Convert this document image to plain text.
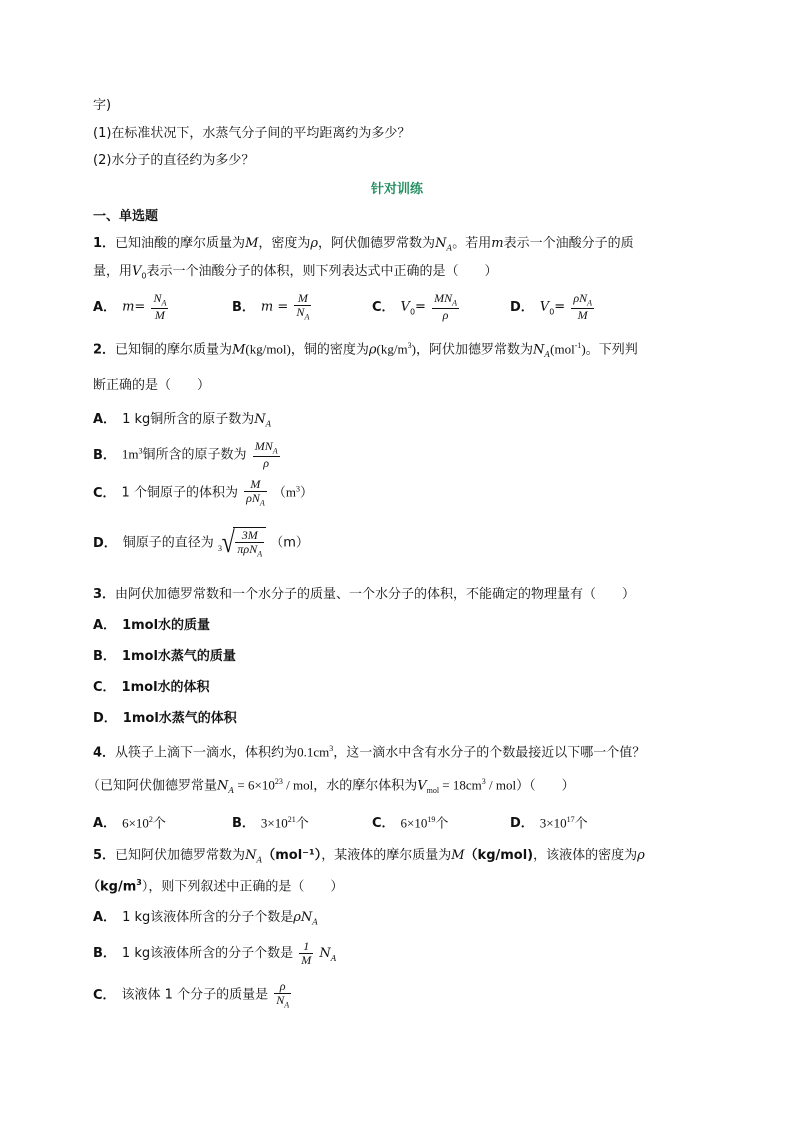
字)
(1)在标准状况下，水蒸气分子间的平均距离约为多少？
(2)水分子的直径约为多少？
针对训练
一、单选题
1．已知油酸的摩尔质量为M，密度为ρ，阿伏伽德罗常数为$N_A$。若用m表示一个油酸分子的质
量，用$V_0$表示一个油酸分子的体积，则下列表达式中正确的是（　　）
A． $m= \frac{N_A}{M}$	B． $m = \frac{M}{N_A}$	C． $V_0= \frac{MN_A}{\rho}$	D． $V_0= \frac{\rho N_A}{M}$
2．已知铜的摩尔质量为M(kg/mol)，铜的密度为$\rho(kg/m^3)$，阿伏加德罗常数为$N_A(mol^{-1})$。下列判
断正确的是（　　）
A． 1 kg铜所含的原子数为$N_A$
B． $1m^3$铜所含的原子数为 $\frac{MN_A}{\rho}$
C． 1 个铜原子的体积为 $\frac{M}{\rho N_A} (m^3)$
D． 铜原子的直径为 3 √ $\frac{3M}{\pi\rho N_A} (m)$
3．由阿伏加德罗常数和一个水分子的质量、一个水分子的体积，不能确定的物理量有（　　）
A． 1mol水的质量
B． 1mol水蒸气的质量
C． 1mol水的体积
D． 1mol水蒸气的体积
4．从筷子上滴下一滴水，体积约为$0.1cm^3$，这一滴水中含有水分子的个数最接近以下哪一个值？
（已知阿伏伽德罗常量$N_A = 6\times 10^{23}$ / mol，水的摩尔体积为$V_{mol} = 18cm^3 / mol$）（　　）
A． $6\times 10^2$个	B． $3\times 10^{21}$个	C． $6\times 10^{19}$个	D． $3\times 10^{17}$个
5．已知阿伏加德罗常数为$N_A(mol^{-1})$，某液体的摩尔质量为M（kg/mol)，该液体的密度为ρ
$(kg/m^3)$，则下列叙述中正确的是（　　）
A． 1 kg该液体所含的分子个数是$\rho N_A$
B． 1 kg该液体所含的分子个数是 $\frac{1}{M} N_A$
C． 该液体 1 个分子的质量是 $\frac{\rho}{N_A}$
